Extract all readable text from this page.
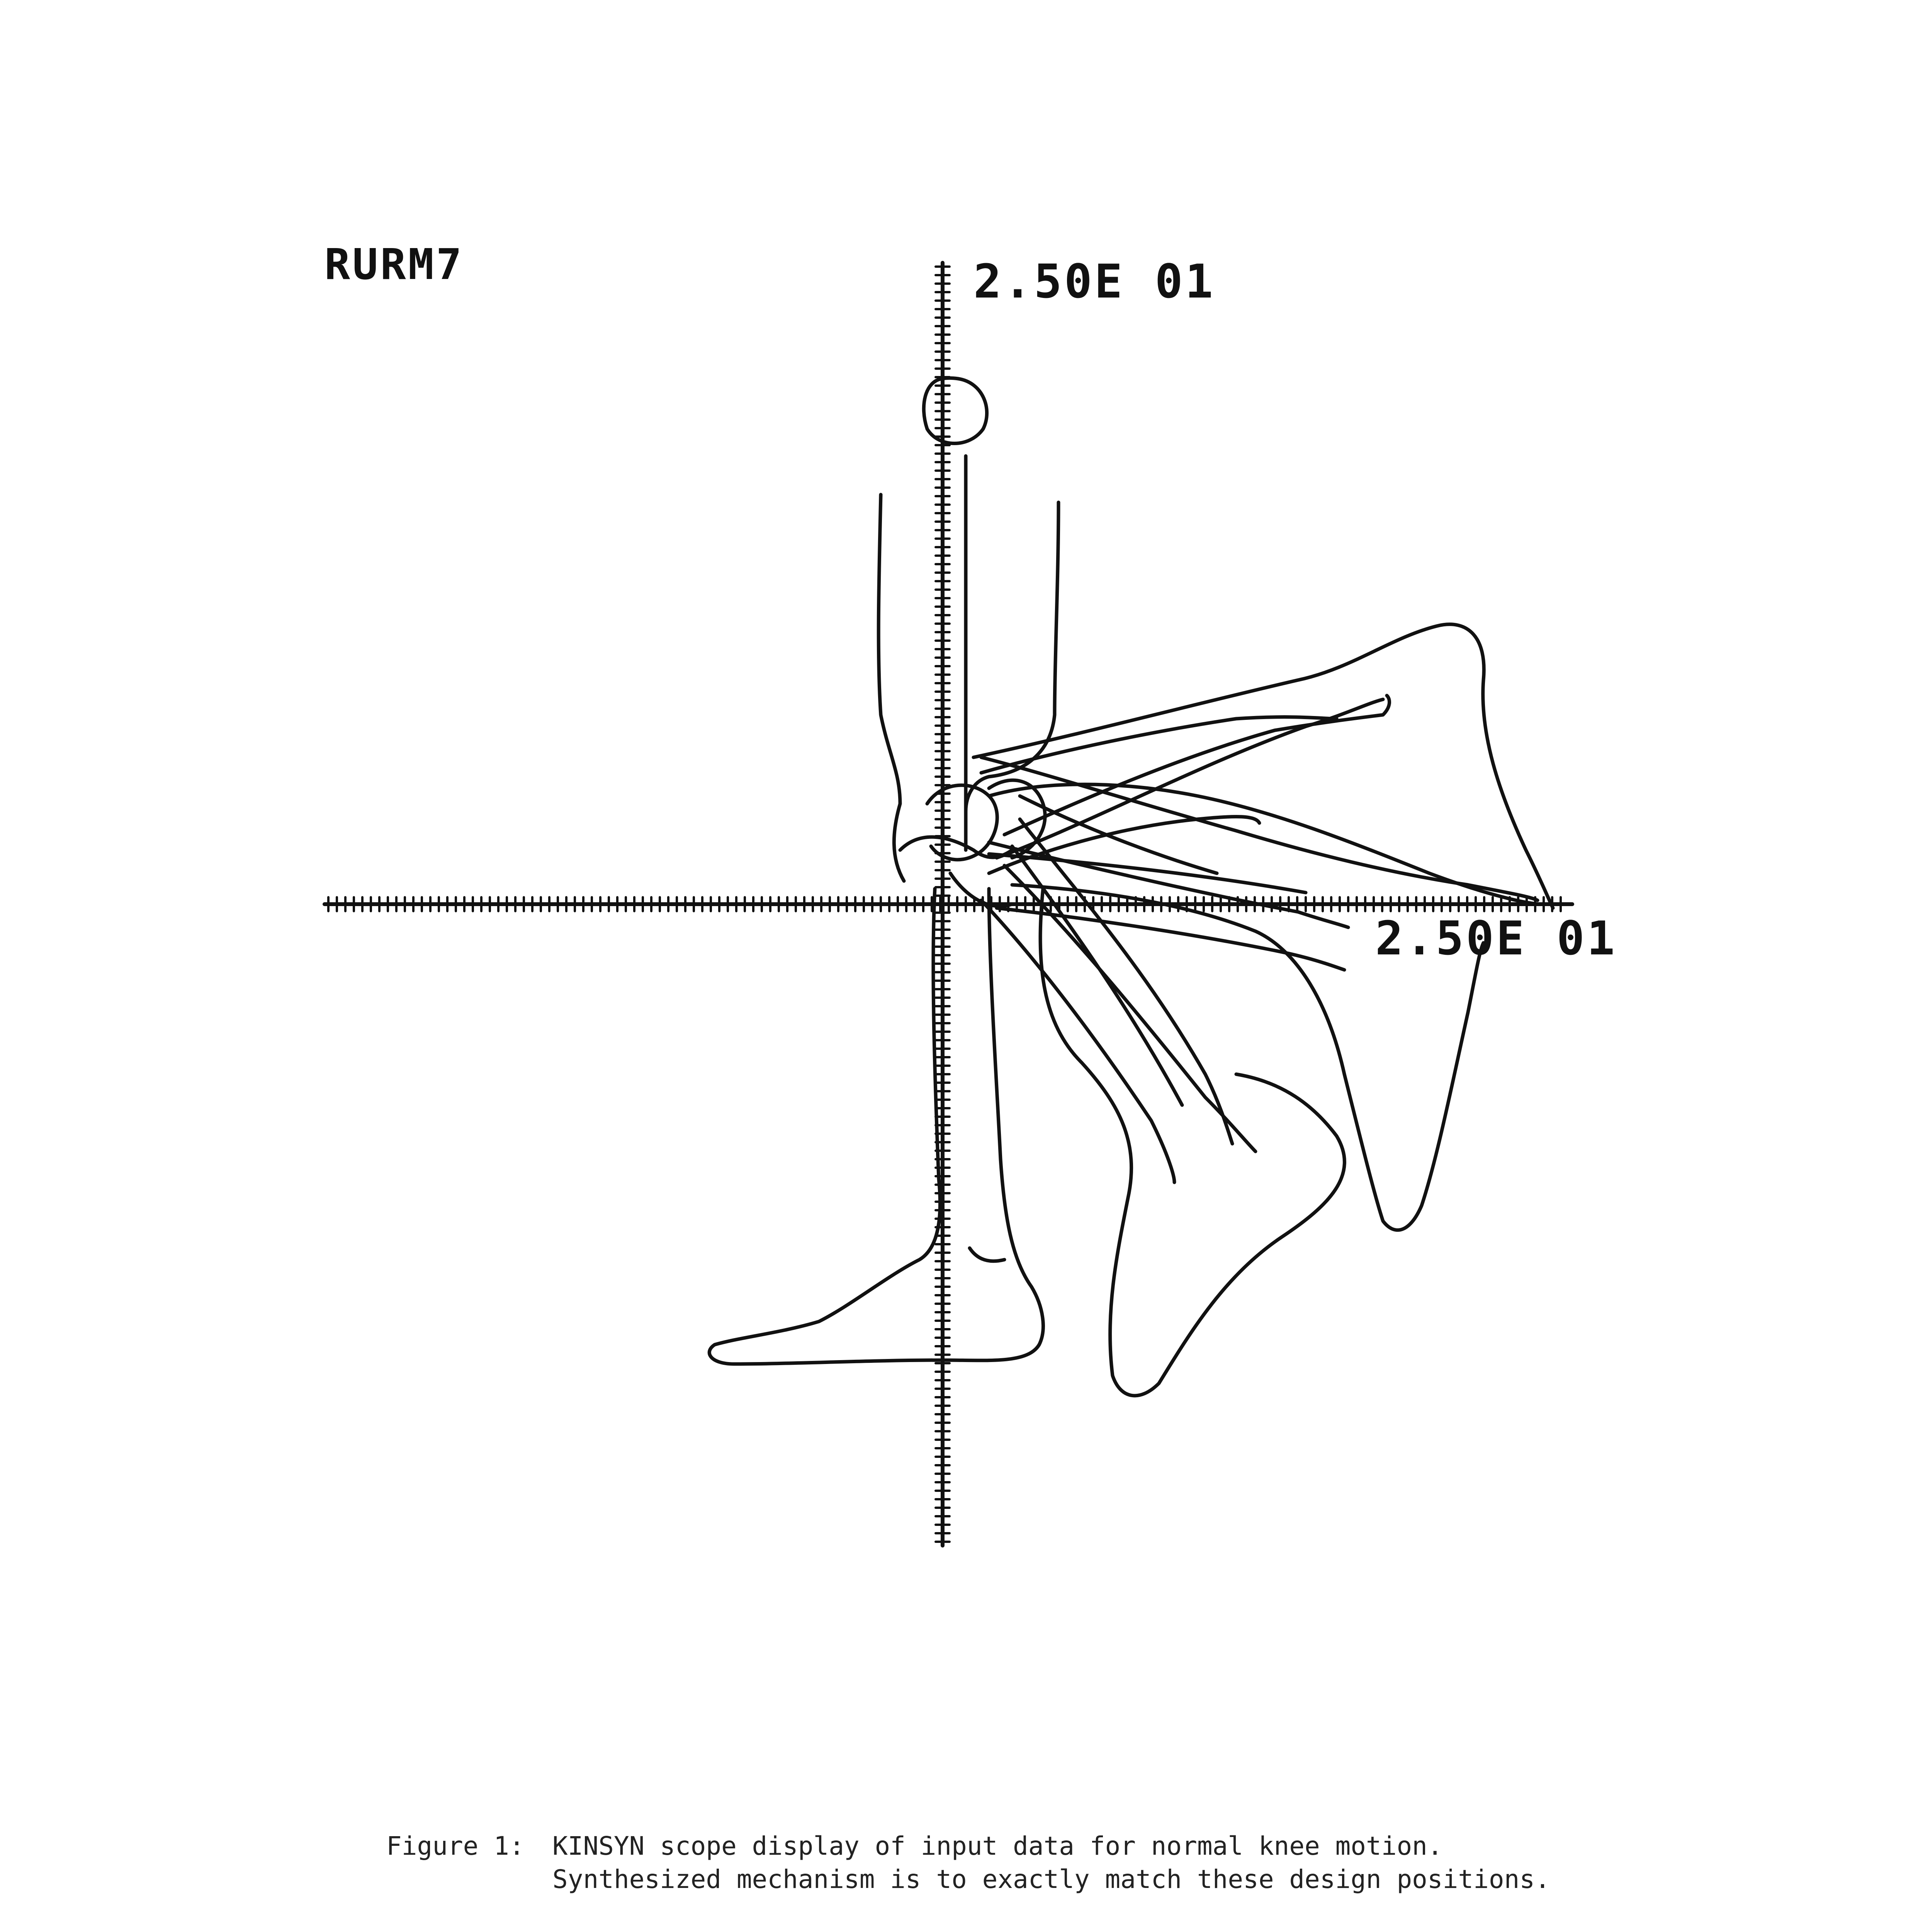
RURM7	2.50E 01
2.50E 01
Figure 1: KINSYN scope display of input data for normal knee motion.
Synthesized mechanism is to exactly match these design positions.
